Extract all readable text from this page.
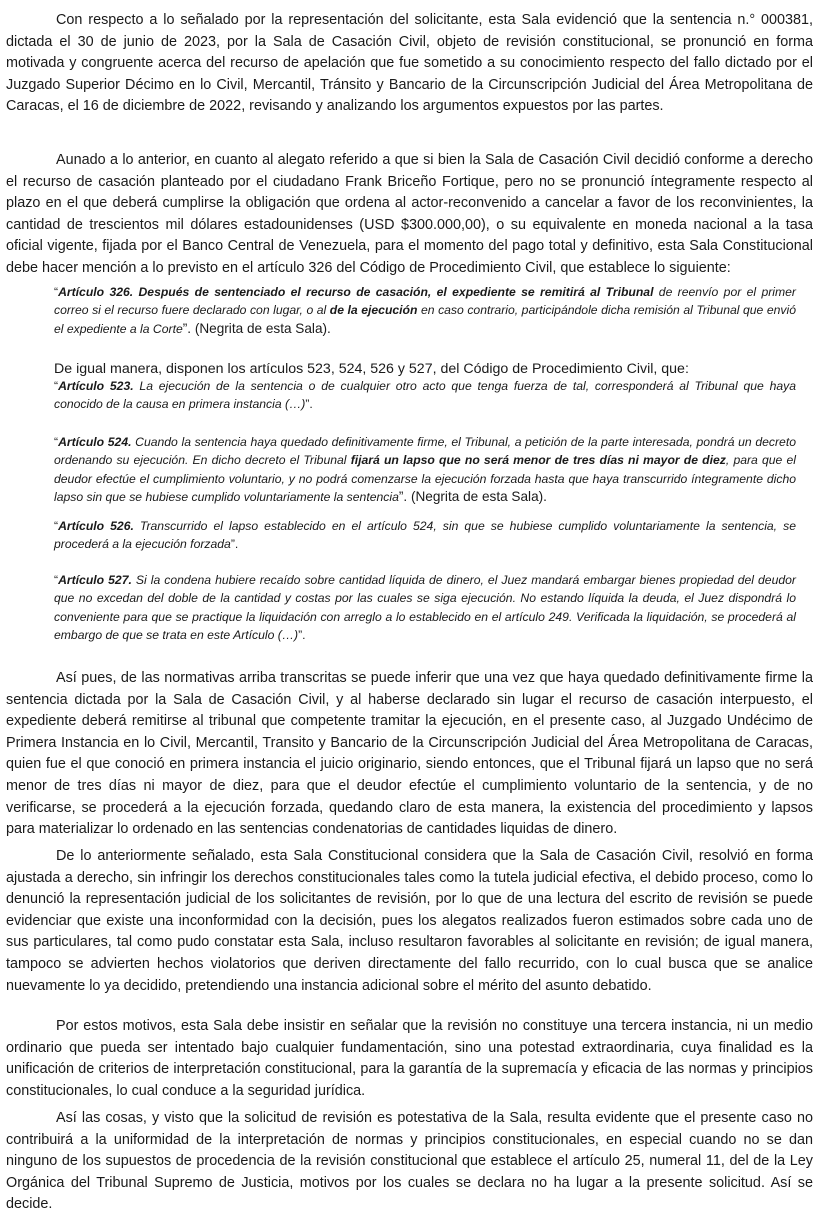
Con respecto a lo señalado por la representación del solicitante, esta Sala evidenció que la sentencia n.° 000381, dictada el 30 de junio de 2023, por la Sala de Casación Civil, objeto de revisión constitucional, se pronunció en forma motivada y congruente acerca del recurso de apelación que fue sometido a su conocimiento respecto del fallo dictado por el Juzgado Superior Décimo en lo Civil, Mercantil, Tránsito y Bancario de la Circunscripción Judicial del Área Metropolitana de Caracas, el 16 de diciembre de 2022, revisando y analizando los argumentos expuestos por las partes.

Aunado a lo anterior, en cuanto al alegato referido a que si bien la Sala de Casación Civil decidió conforme a derecho el recurso de casación planteado por el ciudadano Frank Briceño Fortique, pero no se pronunció íntegramente respecto al plazo en el que deberá cumplirse la obligación que ordena al actor-reconvenido a cancelar a favor de los reconvinientes, la cantidad de trescientos mil dólares estadounidenses (USD $300.000,00), o su equivalente en moneda nacional a la tasa oficial vigente, fijada por el Banco Central de Venezuela, para el momento del pago total y definitivo, esta Sala Constitucional debe hacer mención a lo previsto en el artículo 326 del Código de Procedimiento Civil, que establece lo siguiente:

“Artículo 326. Después de sentenciado el recurso de casación, el expediente se remitirá al Tribunal de reenvío por el primer correo si el recurso fuere declarado con lugar, o al de la ejecución en caso contrario, participándole dicha remisión al Tribunal que envió el expediente a la Corte”. (Negrita de esta Sala).

De igual manera, disponen los artículos 523, 524, 526 y 527, del Código de Procedimiento Civil, que:

“Artículo 523. La ejecución de la sentencia o de cualquier otro acto que tenga fuerza de tal, corresponderá al Tribunal que haya conocido de la causa en primera instancia (…)”.

“Artículo 524. Cuando la sentencia haya quedado definitivamente firme, el Tribunal, a petición de la parte interesada, pondrá un decreto ordenando su ejecución. En dicho decreto el Tribunal fijará un lapso que no será menor de tres días ni mayor de diez, para que el deudor efectúe el cumplimiento voluntario, y no podrá comenzarse la ejecución forzada hasta que haya transcurrido íntegramente dicho lapso sin que se hubiese cumplido voluntariamente la sentencia”. (Negrita de esta Sala).

“Artículo 526. Transcurrido el lapso establecido en el artículo 524, sin que se hubiese cumplido voluntariamente la sentencia, se procederá a la ejecución forzada”.

“Artículo 527. Si la condena hubiere recaído sobre cantidad líquida de dinero, el Juez mandará embargar bienes propiedad del deudor que no excedan del doble de la cantidad y costas por las cuales se siga ejecución. No estando líquida la deuda, el Juez dispondrá lo conveniente para que se practique la liquidación con arreglo a lo establecido en el artículo 249. Verificada la liquidación, se procederá al embargo de que se trata en este Artículo (…)”.

Así pues, de las normativas arriba transcritas se puede inferir que una vez que haya quedado definitivamente firme la sentencia dictada por la Sala de Casación Civil, y al haberse declarado sin lugar el recurso de casación interpuesto, el expediente deberá remitirse al tribunal que competente tramitar la ejecución, en el presente caso, al Juzgado Undécimo de Primera Instancia en lo Civil, Mercantil, Transito y Bancario de la Circunscripción Judicial del Área Metropolitana de Caracas, quien fue el que conoció en primera instancia el juicio originario, siendo entonces, que el Tribunal fijará un lapso que no será menor de tres días ni mayor de diez, para que el deudor efectúe el cumplimiento voluntario de la sentencia, y de no verificarse, se procederá a la ejecución forzada, quedando claro de esta manera, la existencia del procedimiento y lapsos para materializar lo ordenado en las sentencias condenatorias de cantidades liquidas de dinero.

De lo anteriormente señalado, esta Sala Constitucional considera que la Sala de Casación Civil, resolvió en forma ajustada a derecho, sin infringir los derechos constitucionales tales como la tutela judicial efectiva, el debido proceso, como lo denunció la representación judicial de los solicitantes de revisión, por lo que de una lectura del escrito de revisión se puede evidenciar que existe una inconformidad con la decisión, pues los alegatos realizados fueron estimados sobre cada uno de sus particulares, tal como pudo constatar esta Sala, incluso resultaron favorables al solicitante en revisión; de igual manera, tampoco se advierten hechos violatorios que deriven directamente del fallo recurrido, con lo cual busca que se analice nuevamente lo ya decidido, pretendiendo una instancia adicional sobre el mérito del asunto debatido.

Por estos motivos, esta Sala debe insistir en señalar que la revisión no constituye una tercera instancia, ni un medio ordinario que pueda ser intentado bajo cualquier fundamentación, sino una potestad extraordinaria, cuya finalidad es la unificación de criterios de interpretación constitucional, para la garantía de la supremacía y eficacia de las normas y principios constitucionales, lo cual conduce a la seguridad jurídica.

Así las cosas, y visto que la solicitud de revisión es potestativa de la Sala, resulta evidente que el presente caso no contribuirá a la uniformidad de la interpretación de normas y principios constitucionales, en especial cuando no se dan ninguno de los supuestos de procedencia de la revisión constitucional que establece el artículo 25, numeral 11, del de la Ley Orgánica del Tribunal Supremo de Justicia, motivos por los cuales se declara no ha lugar a la presente solicitud. Así se decide.
